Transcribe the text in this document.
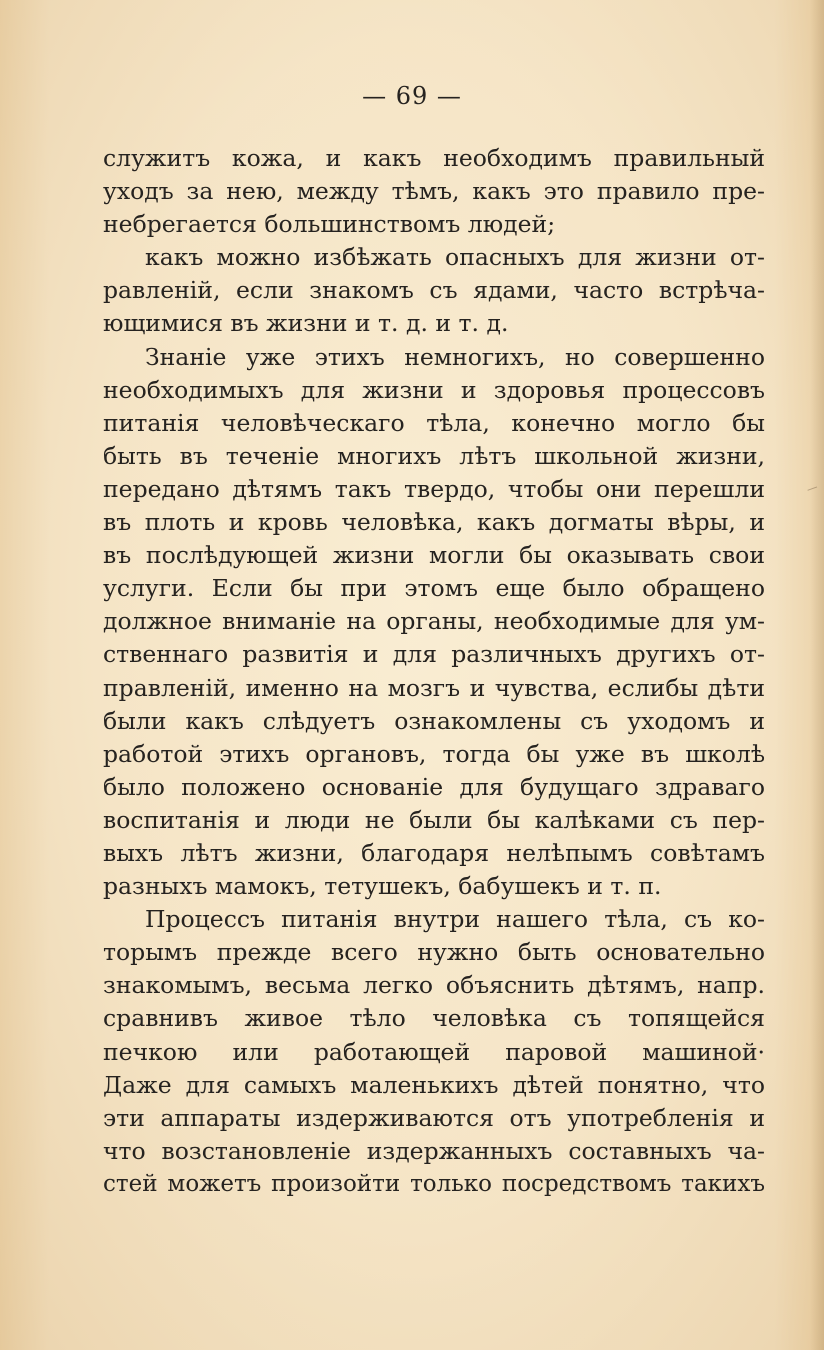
— 69 —
служитъ кожа, и какъ необходимъ правильный
уходъ за нею, между тѣмъ, какъ это правило пре-
небрегается большинствомъ людей;
какъ можно избѣжать опасныхъ для жизни от-
равленій, если знакомъ съ ядами, часто встрѣча-
ющимися въ жизни и т. д. и т. д.
Знаніе уже этихъ немногихъ, но совершенно
необходимыхъ для жизни и здоровья процессовъ
питанія человѣческаго тѣла, конечно могло бы
быть въ теченіе многихъ лѣтъ школьной жизни,
передано дѣтямъ такъ твердо, чтобы они перешли
въ плоть и кровь человѣка, какъ догматы вѣры, и
въ послѣдующей жизни могли бы оказывать свои
услуги. Если бы при этомъ еще было обращено
должное вниманіе на органы, необходимые для ум-
ственнаго развитія и для различныхъ другихъ от-
правленій, именно на мозгъ и чувства, еслибы дѣти
были какъ слѣдуетъ ознакомлены съ уходомъ и
работой этихъ органовъ, тогда бы уже въ школѣ
было положено основаніе для будущаго здраваго
воспитанія и люди не были бы калѣками съ пер-
выхъ лѣтъ жизни, благодаря нелѣпымъ совѣтамъ
разныхъ мамокъ, тетушекъ, бабушекъ и т. п.
Процессъ питанія внутри нашего тѣла, съ ко-
торымъ прежде всего нужно быть основательно
знакомымъ, весьма легко объяснить дѣтямъ, напр.
сравнивъ живое тѣло человѣка съ топящейся
печкою или работающей паровой машиной·
Даже для самыхъ маленькихъ дѣтей понятно, что
эти аппараты издерживаются отъ употребленія и
что возстановленіе издержанныхъ составныхъ ча-
стей можетъ произойти только посредствомъ такихъ
